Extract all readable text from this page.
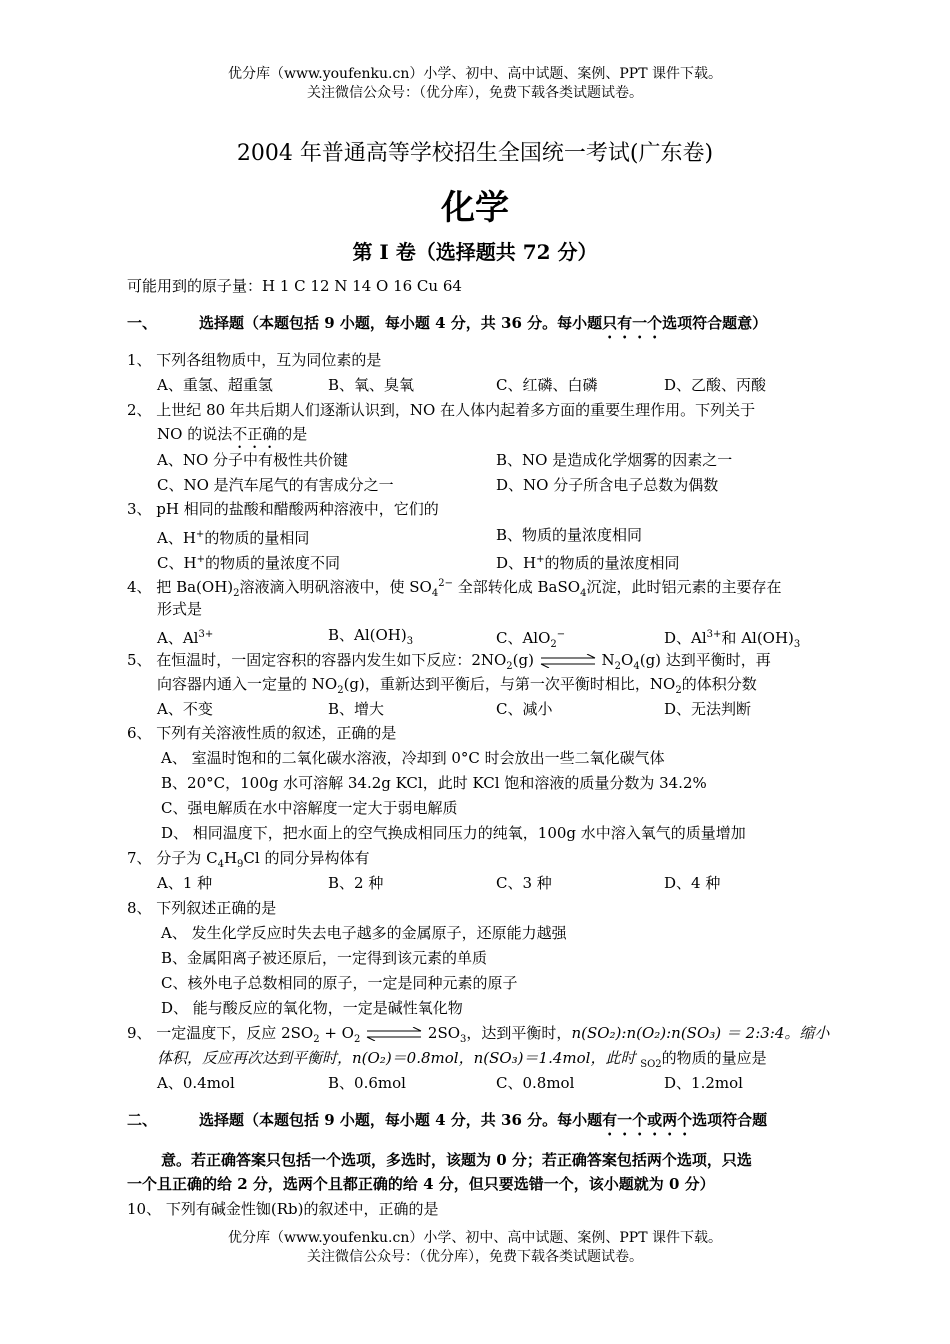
优分库（www.youfenku.cn）小学、初中、高中试题、案例、PPT 课件下载。
关注微信公众号：（优分库），免费下载各类试题试卷。
2004 年普通高等学校招生全国统一考试(广东卷)
化学
第 I 卷（选择题共 72 分）
可能用到的原子量：H 1 C 12 N 14 O 16 Cu 64
一、	选择题（本题包括 9 小题，每小题 4 分，共 36 分。每小题只有一个选项符合题意）
1、 下列各组物质中，互为同位素的是
A、重氢、超重氢	B、氧、臭氧	C、红磷、白磷	D、乙酸、丙酸
2、 上世纪 80 年共后期人们逐渐认识到，NO 在人体内起着多方面的重要生理作用。下列关于
NO 的说法不正确的是
A、NO 分子中有极性共价键	B、NO 是造成化学烟雾的因素之一
C、NO 是汽车尾气的有害成分之一	D、NO 分子所含电子总数为偶数
3、 pH 相同的盐酸和醋酸两种溶液中，它们的
A、H+的物质的量相同	B、物质的量浓度相同
C、H+的物质的量浓度不同	D、H+的物质的量浓度相同
4、 把 $Ba(OH)_2$溶液滴入明矾溶液中，使 $SO_4^{2-}$ 全部转化成 BaSO$_4$沉淀，此时铝元素的主要存在
形式是
A、$Al^{3+}$	B、$Al(OH)_3$	C、AlO$_2$−	D、$Al^{3+}$和 $Al(OH)_3$
5、 在恒温时，一固定容积的容器内发生如下反应：$2NO_2(g)$ ⇌ $N_2O_4(g)$ 达到平衡时，再
向容器内通入一定量的 $NO_2(g)$，重新达到平衡后，与第一次平衡时相比，$NO_2$的体积分数
A、不变	B、增大	C、减小	D、无法判断
6、 下列有关溶液性质的叙述，正确的是
A、 室温时饱和的二氧化碳水溶液，冷却到 0°C 时会放出一些二氧化碳气体
B、20°C，100g 水可溶解 34.2g KCl，此时 KCl 饱和溶液的质量分数为 34.2%
C、强电解质在水中溶解度一定大于弱电解质
D、 相同温度下，把水面上的空气换成相同压力的纯氧，100g 水中溶入氧气的质量增加
7、 分子为 $C_4H_9Cl$ 的同分异构体有
A、1 种	B、2 种	C、3 种	D、4 种
8、 下列叙述正确的是
A、 发生化学反应时失去电子越多的金属原子，还原能力越强
B、金属阳离子被还原后，一定得到该元素的单质
C、核外电子总数相同的原子，一定是同种元素的原子
D、 能与酸反应的氧化物，一定是碱性氧化物
9、 一定温度下，反应 $2SO_2 + O_2$ ⇌ $2SO_3$，达到平衡时，n(SO₂):n(O₂):n(SO₃) ＝ 2:3:4。缩小
体积，反应再次达到平衡时，n(O₂)＝0.8mol，n(SO₃)＝1.4mol，此时 $_{SO2}$的物质的量应是
A、0.4mol	B、0.6mol	C、0.8mol	D、1.2mol
二、	选择题（本题包括 9 小题，每小题 4 分，共 36 分。每小题有一个或两个选项符合题
意。若正确答案只包括一个选项，多选时，该题为 0 分；若正确答案包括两个选项，只选
一个且正确的给 2 分，选两个且都正确的给 4 分，但只要选错一个，该小题就为 0 分）
10、 下列有碱金性铷(Rb)的叙述中，正确的是
优分库（www.youfenku.cn）小学、初中、高中试题、案例、PPT 课件下载。
关注微信公众号：（优分库），免费下载各类试题试卷。
